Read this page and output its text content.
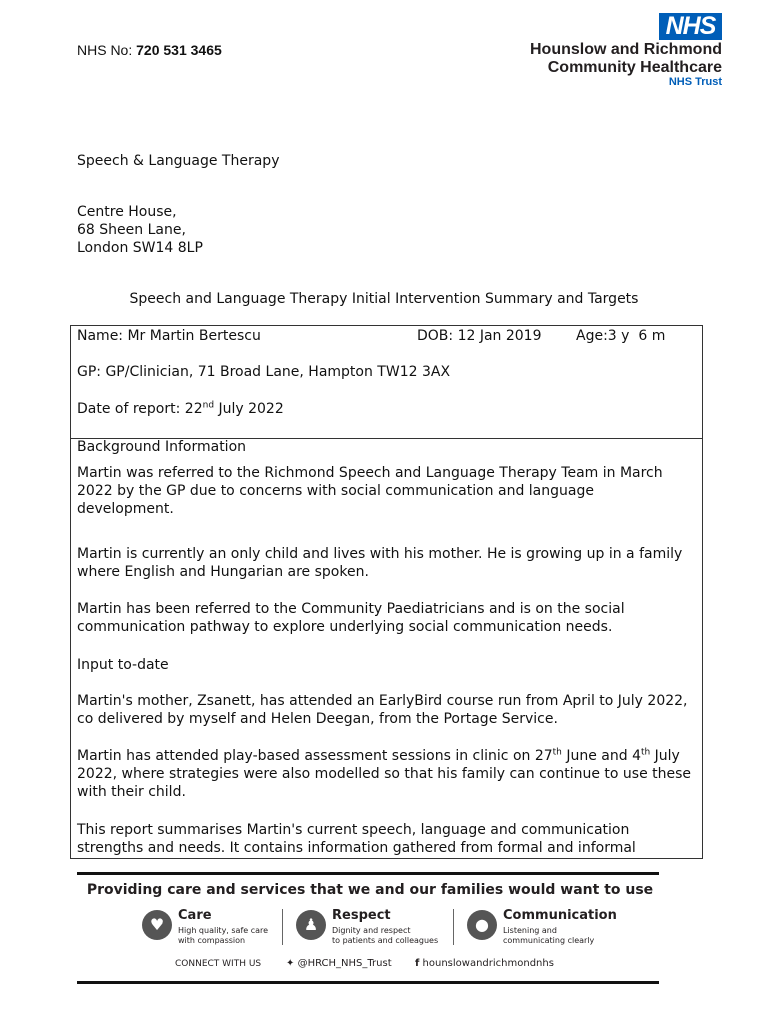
NHS No: 720 531 3465
NHS
Hounslow and Richmond
Community Healthcare
NHS Trust
Speech & Language Therapy
Centre House,
68 Sheen Lane,
London SW14 8LP
Speech and Language Therapy Initial Intervention Summary and Targets
Name: Mr Martin Bertescu	DOB: 12 Jan 2019 Age:3 y  6 m
GP: GP/Clinician, 71 Broad Lane, Hampton TW12 3AX
Date of report: 22nd July 2022
Background Information
Martin was referred to the Richmond Speech and Language Therapy Team in March 2022 by the GP due to concerns with social communication and language development.
Martin is currently an only child and lives with his mother. He is growing up in a family where English and Hungarian are spoken.
Martin has been referred to the Community Paediatricians and is on the social communication pathway to explore underlying social communication needs.
Input to-date
Martin's mother, Zsanett, has attended an EarlyBird course run from April to July 2022, co delivered by myself and Helen Deegan, from the Portage Service.
Martin has attended play-based assessment sessions in clinic on 27th June and 4th July 2022, where strategies were also modelled so that his family can continue to use these with their child.
This report summarises Martin's current speech, language and communication strengths and needs. It contains information gathered from formal and informal
Providing care and services that we and our families would want to use
♥	Care
High quality, safe care
with compassion
♟	Respect
Dignity and respect
to patients and colleagues
●	Communication
Listening and
communicating clearly
CONNECT WITH US ✦ @HRCH_NHS_Trust f hounslowandrichmondnhs
